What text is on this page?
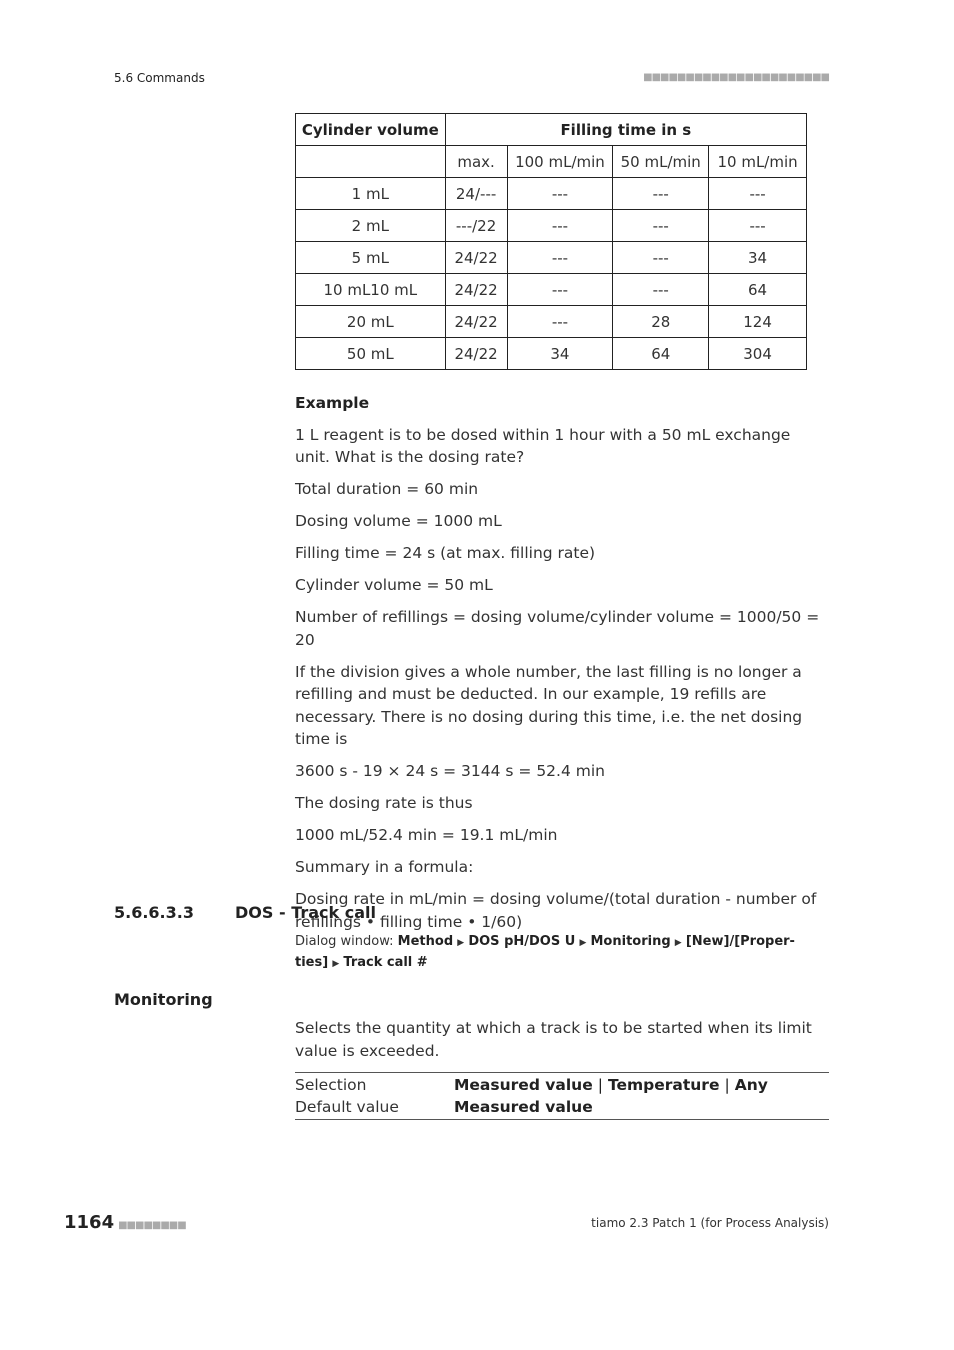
5.6 Commands	■■■■■■■■■■■■■■■■■■■■■■
Cylinder volume	Filling time in s			
	max.	100 mL/min	50 mL/min	10 mL/min
1 mL	24/---	---	---	---
2 mL	---/22	---	---	---
5 mL	24/22	---	---	34
10 mL10 mL	24/22	---	---	64
20 mL	24/22	---	28	124
50 mL	24/22	34	64	304

Example

1 L reagent is to be dosed within 1 hour with a 50 mL exchange unit. What is the dosing rate?

Total duration = 60 min

Dosing volume = 1000 mL

Filling time = 24 s (at max. filling rate)

Cylinder volume = 50 mL

Number of refillings = dosing volume/cylinder volume = 1000/50 = 20

If the division gives a whole number, the last filling is no longer a refilling and must be deducted. In our example, 19 refills are necessary. There is no dosing during this time, i.e. the net dosing time is

3600 s - 19 × 24 s = 3144 s = 52.4 min

The dosing rate is thus

1000 mL/52.4 min = 19.1 mL/min

Summary in a formula:

Dosing rate in mL/min = dosing volume/(total duration - number of refillings • filling time • 1/60)

5.6.6.3.3	DOS - Track call
Dialog window: Method ▶ DOS pH/DOS U ▶ Monitoring ▶ [New]/[Properties] ▶ Track call #
Monitoring
Selects the quantity at which a track is to be started when its limit value is exceeded.
Selection	Measured value | Temperature | Any
Default value	Measured value
1164 ■■■■■■■■	tiamo 2.3 Patch 1 (for Process Analysis)
